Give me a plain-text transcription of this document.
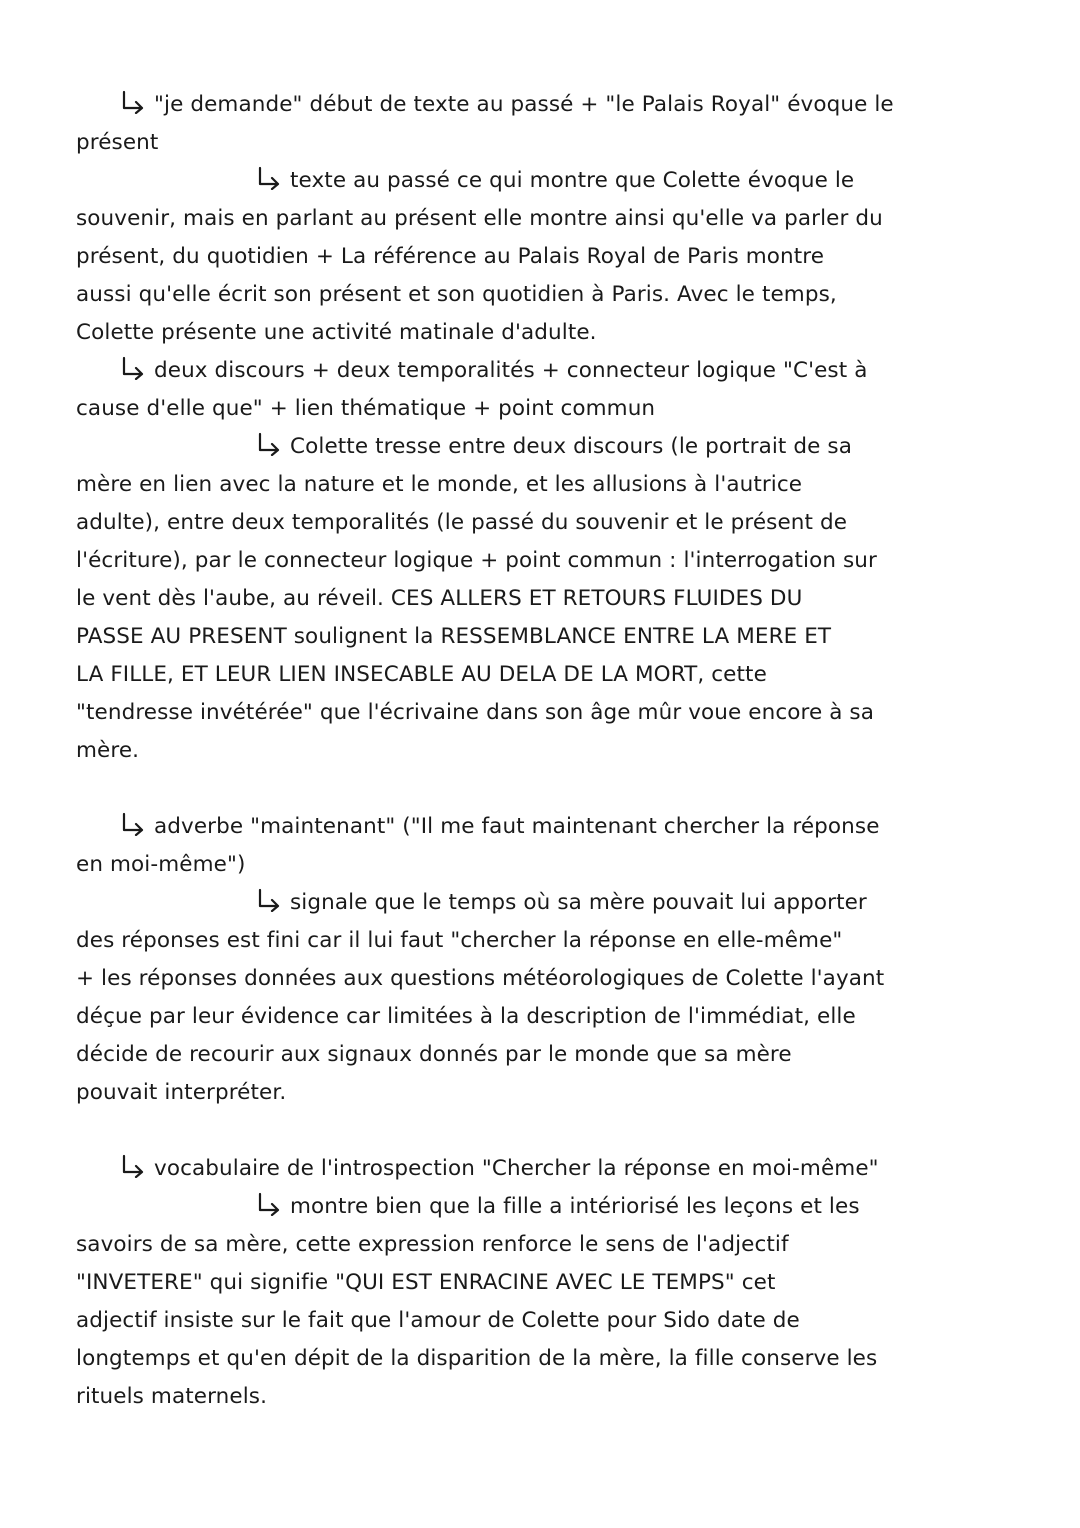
"je demande" début de texte au passé + "le Palais Royal" évoque le
présent
texte au passé ce qui montre que Colette évoque le
souvenir, mais en parlant au présent elle montre ainsi qu'elle va parler du
présent, du quotidien + La référence au Palais Royal de Paris montre
aussi qu'elle écrit son présent et son quotidien à Paris. Avec le temps,
Colette présente une activité matinale d'adulte.
deux discours + deux temporalités + connecteur logique "C'est à
cause d'elle que" + lien thématique + point commun
Colette tresse entre deux discours (le portrait de sa
mère en lien avec la nature et le monde, et les allusions à l'autrice
adulte), entre deux temporalités (le passé du souvenir et le présent de
l'écriture), par le connecteur logique + point commun : l'interrogation sur
le vent dès l'aube, au réveil. CES ALLERS ET RETOURS FLUIDES DU
PASSE AU PRESENT soulignent la RESSEMBLANCE ENTRE LA MERE ET
LA FILLE, ET LEUR LIEN INSECABLE AU DELA DE LA MORT, cette
"tendresse invétérée" que l'écrivaine dans son âge mûr voue encore à sa
mère.
adverbe "maintenant" ("Il me faut maintenant chercher la réponse
en moi-même")
signale que le temps où sa mère pouvait lui apporter
des réponses est fini car il lui faut "chercher la réponse en elle-même"
+ les réponses données aux questions météorologiques de Colette l'ayant
déçue par leur évidence car limitées à la description de l'immédiat, elle
décide de recourir aux signaux donnés par le monde que sa mère
pouvait interpréter.
vocabulaire de l'introspection "Chercher la réponse en moi-même"
montre bien que la fille a intériorisé les leçons et les
savoirs de sa mère, cette expression renforce le sens de l'adjectif
"INVETERE" qui signifie "QUI EST ENRACINE AVEC LE TEMPS" cet
adjectif insiste sur le fait que l'amour de Colette pour Sido date de
longtemps et qu'en dépit de la disparition de la mère, la fille conserve les
rituels maternels.
